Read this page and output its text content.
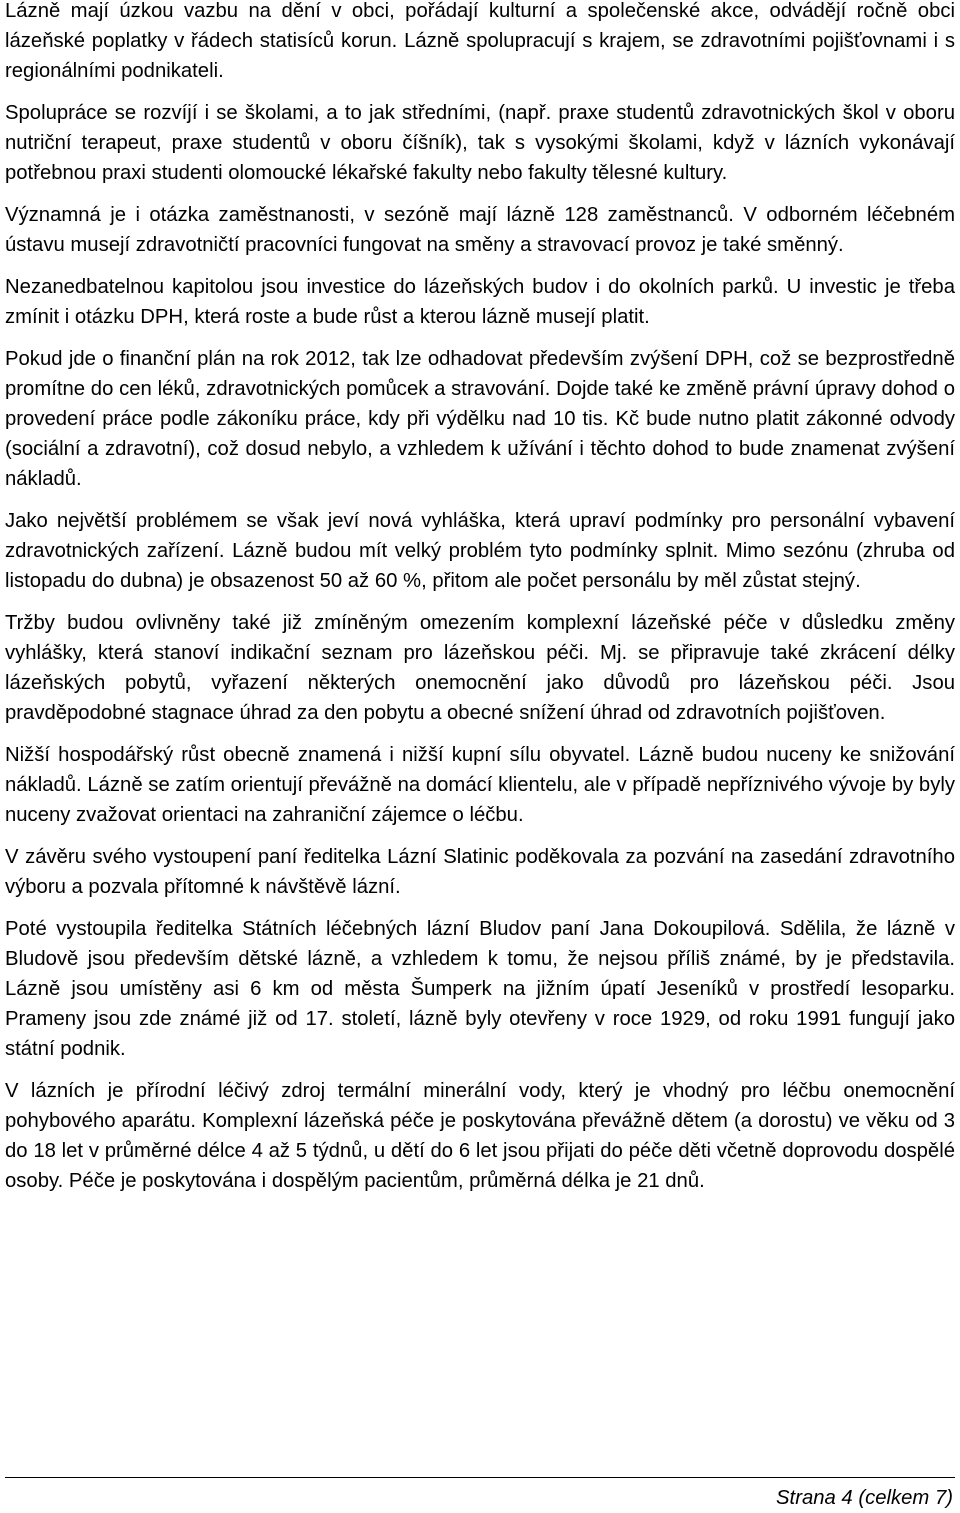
Lázně mají úzkou vazbu na dění v obci, pořádají kulturní a společenské akce, odvádějí ročně obci lázeňské poplatky v řádech statisíců korun. Lázně spolupracují s krajem, se zdravotními pojišťovnami i s regionálními podnikateli.

Spolupráce se rozvíjí i se školami, a to jak středními, (např. praxe studentů zdravotnických škol v oboru nutriční terapeut, praxe studentů v oboru číšník), tak s vysokými školami, když v lázních vykonávají potřebnou praxi studenti olomoucké lékařské fakulty nebo fakulty tělesné kultury.

Významná je i otázka zaměstnanosti, v sezóně mají lázně 128 zaměstnanců. V odborném léčebném ústavu musejí zdravotničtí pracovníci fungovat na směny a stravovací provoz je také směnný.

Nezanedbatelnou kapitolou jsou investice do lázeňských budov i do okolních parků. U investic je třeba zmínit i otázku DPH, která roste a bude růst a kterou lázně musejí platit.

Pokud jde o finanční plán na rok 2012, tak lze odhadovat především zvýšení DPH, což se bezprostředně promítne do cen léků, zdravotnických pomůcek a stravování. Dojde také ke změně právní úpravy dohod o provedení práce podle zákoníku práce, kdy při výdělku nad 10 tis. Kč bude nutno platit zákonné odvody (sociální a zdravotní), což dosud nebylo, a vzhledem k užívání i těchto dohod to bude znamenat zvýšení nákladů.

Jako největší problémem se však jeví nová vyhláška, která upraví podmínky pro personální vybavení zdravotnických zařízení. Lázně budou mít velký problém tyto podmínky splnit. Mimo sezónu (zhruba od listopadu do dubna) je obsazenost 50 až 60 %, přitom ale počet personálu by měl zůstat stejný.

Tržby budou ovlivněny také již zmíněným omezením komplexní lázeňské péče v důsledku změny vyhlášky, která stanoví indikační seznam pro lázeňskou péči. Mj. se připravuje také zkrácení délky lázeňských pobytů, vyřazení některých onemocnění jako důvodů pro lázeňskou péči. Jsou pravděpodobné stagnace úhrad za den pobytu a obecné snížení úhrad od zdravotních pojišťoven.

Nižší hospodářský růst obecně znamená i nižší kupní sílu obyvatel. Lázně budou nuceny ke snižování nákladů. Lázně se zatím orientují převážně na domácí klientelu, ale v případě nepříznivého vývoje by byly nuceny zvažovat orientaci na zahraniční zájemce o léčbu.

V závěru svého vystoupení paní ředitelka Lázní Slatinic poděkovala za pozvání na zasedání zdravotního výboru a pozvala přítomné k návštěvě lázní.

Poté vystoupila ředitelka Státních léčebných lázní Bludov paní Jana Dokoupilová. Sdělila, že lázně v Bludově jsou především dětské lázně, a vzhledem k tomu, že nejsou příliš známé, by je představila. Lázně jsou umístěny asi 6 km od města Šumperk na jižním úpatí Jeseníků v prostředí lesoparku. Prameny jsou zde známé již od 17. století, lázně byly otevřeny v roce 1929, od roku 1991 fungují jako státní podnik.

V lázních je přírodní léčivý zdroj termální minerální vody, který je vhodný pro léčbu onemocnění pohybového aparátu. Komplexní lázeňská péče je poskytována převážně dětem (a dorostu) ve věku od 3 do 18 let v průměrné délce 4 až 5 týdnů, u dětí do 6 let jsou přijati do péče děti včetně doprovodu dospělé osoby. Péče je poskytována i dospělým pacientům, průměrná délka je 21 dnů.

Strana 4 (celkem 7)
